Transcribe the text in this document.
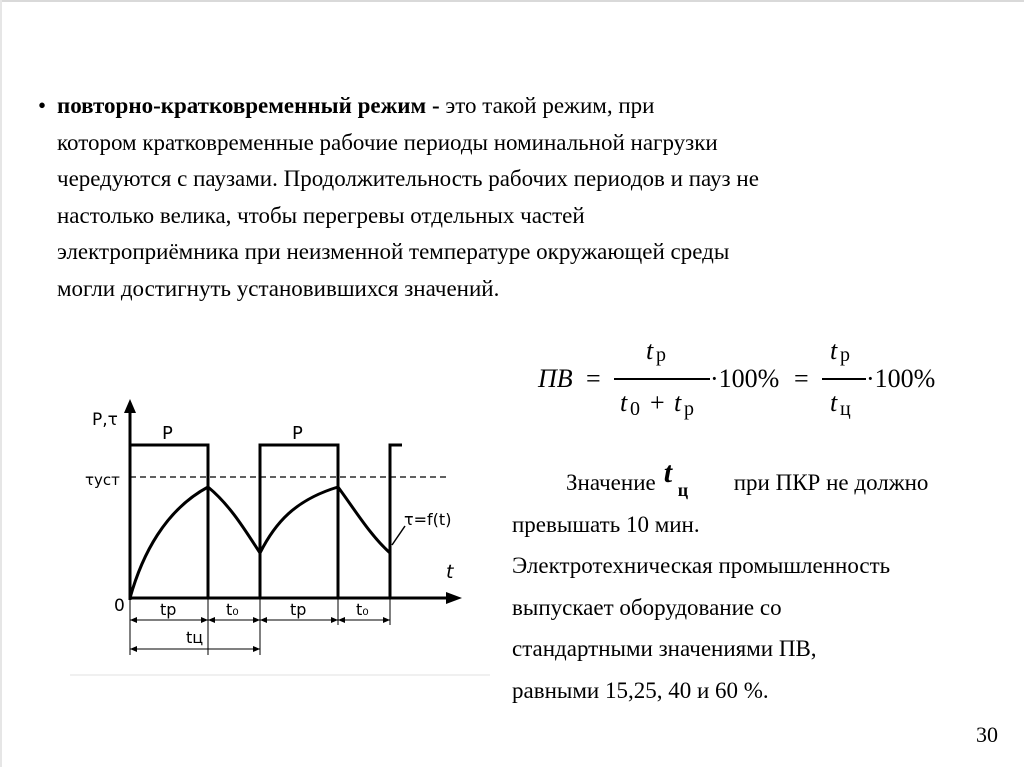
• повторно-кратковременный режим - это такой режим, при
котором кратковременные рабочие периоды номинальной нагрузки
чередуются с паузами. Продолжительность рабочих периодов и пауз не
настолько велика, чтобы перегревы отдельных частей
электроприёмника при неизменной температуре окружающей среды
могли достигнуть установившихся значений.
ПВ =
t р
t 0 + t р
·100% =
t р
t ц
·100%
Значение t
ц при ПКР не должно
превышать 10 мин.
Электротехническая промышленность
выпускает оборудование со
стандартными значениями ПВ,
равными 15,25, 40 и 60 %.
P,τ
t
0
τуст
P	P
τ=f(t)
tр	t₀	tр	t₀
tц
30
